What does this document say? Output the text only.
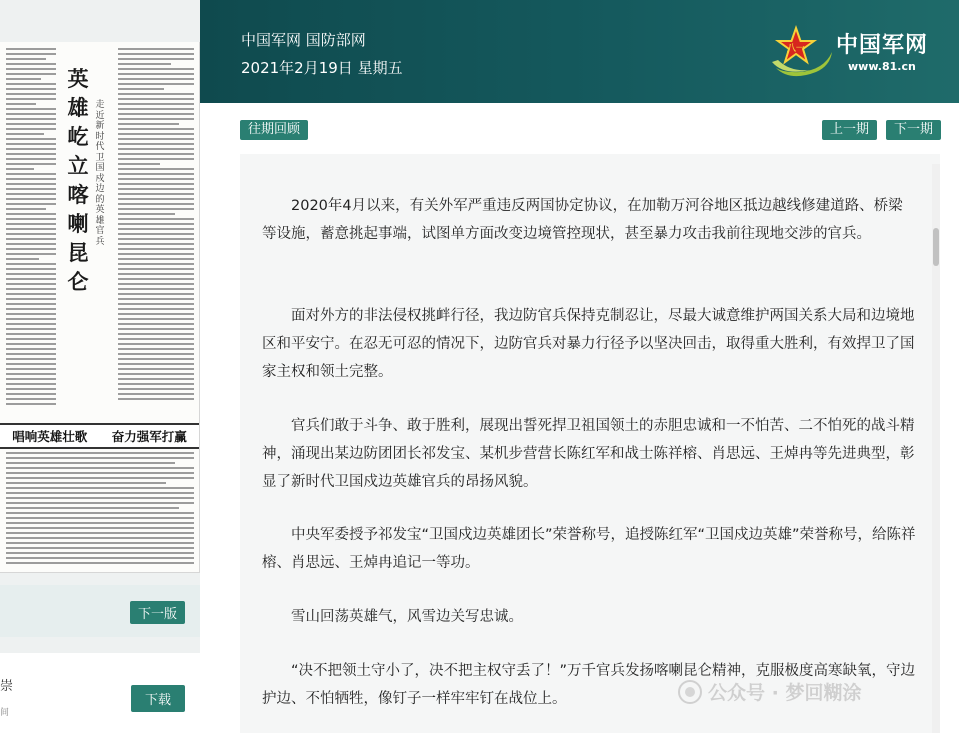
英雄屹立喀喇昆仑
走近新时代卫国戍边的英雄官兵
唱响英雄壮歌 奋力强军打赢
下一版
崇
间
下载
中国军网 国防部网
2021年2月19日 星期五
八一 中国军网
www.81.cn
往期回顾	上一期	下一期

2020年4月以来，有关外军严重违反两国协定协议，在加勒万河谷地区抵边越线修建道路、桥梁等设施，蓄意挑起事端，试图单方面改变边境管控现状，甚至暴力攻击我前往现地交涉的官兵。

面对外方的非法侵权挑衅行径，我边防官兵保持克制忍让，尽最大诚意维护两国关系大局和边境地区和平安宁。在忍无可忍的情况下，边防官兵对暴力行径予以坚决回击，取得重大胜利，有效捍卫了国家主权和领土完整。

官兵们敢于斗争、敢于胜利，展现出誓死捍卫祖国领土的赤胆忠诚和一不怕苦、二不怕死的战斗精神，涌现出某边防团团长祁发宝、某机步营营长陈红军和战士陈祥榕、肖思远、王焯冉等先进典型，彰显了新时代卫国戍边英雄官兵的昂扬风貌。

中央军委授予祁发宝“卫国戍边英雄团长”荣誉称号，追授陈红军“卫国戍边英雄”荣誉称号，给陈祥榕、肖思远、王焯冉追记一等功。

雪山回荡英雄气，风雪边关写忠诚。

“决不把领土守小了，决不把主权守丢了！”万千官兵发扬喀喇昆仑精神，克服极度高寒缺氧，守边护边、不怕牺牲，像钉子一样牢牢钉在战位上。	公众号 · 梦回糊涂
